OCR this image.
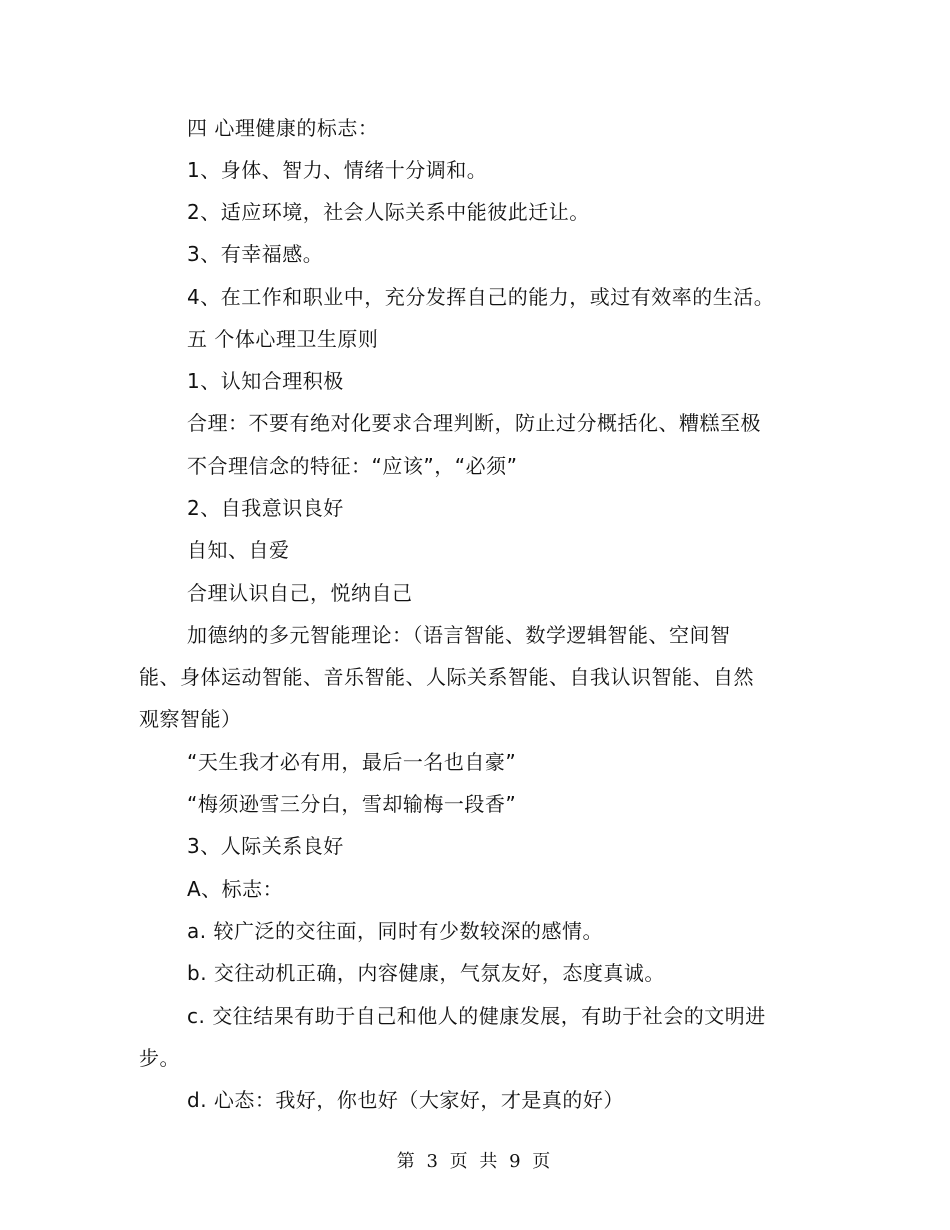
四 心理健康的标志：
1、身体、智力、情绪十分调和。
2、适应环境，社会人际关系中能彼此迁让。
3、有幸福感。
4、在工作和职业中，充分发挥自己的能力，或过有效率的生活。
五 个体心理卫生原则
1、认知合理积极
合理：不要有绝对化要求合理判断，防止过分概括化、糟糕至极
不合理信念的特征：“应该”，“必须”
2、自我意识良好
自知、自爱
合理认识自己，悦纳自己
加德纳的多元智能理论：（语言智能、数学逻辑智能、空间智
能、身体运动智能、音乐智能、人际关系智能、自我认识智能、自然
观察智能）
“天生我才必有用，最后一名也自豪”
“梅须逊雪三分白，雪却输梅一段香”
3、人际关系良好
A、标志：
a. 较广泛的交往面，同时有少数较深的感情。
b. 交往动机正确，内容健康，气氛友好，态度真诚。
c. 交往结果有助于自己和他人的健康发展，有助于社会的文明进
步。
d. 心态：我好，你也好（大家好，才是真的好）
第 3 页 共 9 页
